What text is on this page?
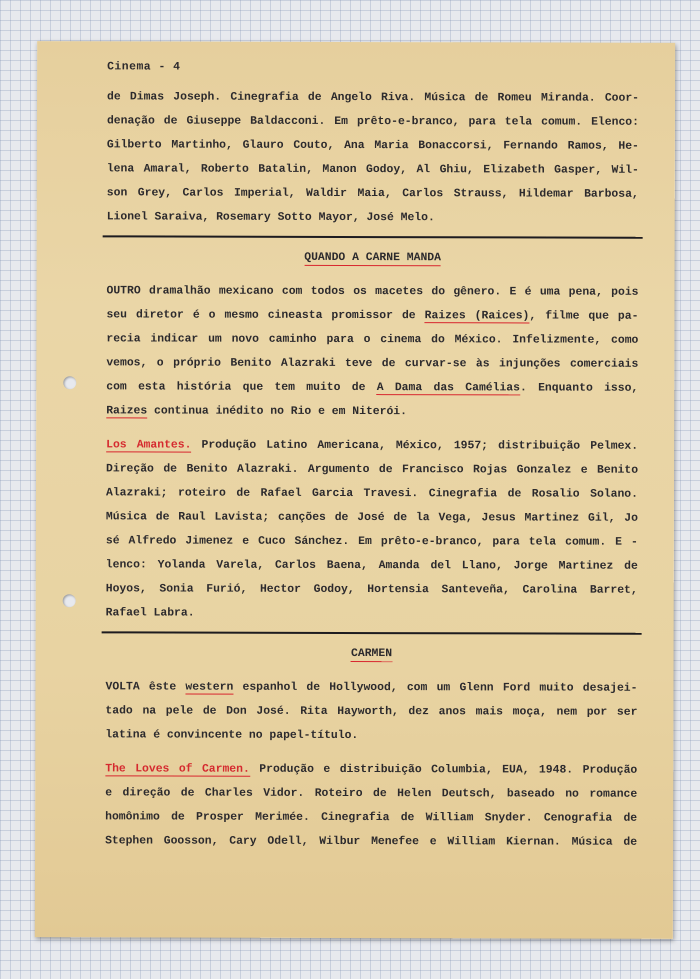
Cinema - 4
de Dimas Joseph. Cinegrafia de Angelo Riva. Música de Romeu Miranda. Coor-
denação de Giuseppe Baldacconi. Em prêto-e-branco, para tela comum. Elenco:
Gilberto Martinho, Glauro Couto, Ana Maria Bonaccorsi, Fernando Ramos, He-
lena Amaral, Roberto Batalin, Manon Godoy, Al Ghiu, Elizabeth Gasper, Wil-
son Grey, Carlos Imperial, Waldir Maia, Carlos Strauss, Hildemar Barbosa,
Lionel Saraiva, Rosemary Sotto Mayor, José Melo.
QUANDO A CARNE MANDA
OUTRO dramalhão mexicano com todos os macetes do gênero. E é uma pena, pois
seu diretor é o mesmo cineasta promissor de Raizes (Raices), filme que pa-
recia indicar um novo caminho para o cinema do México. Infelizmente, como
vemos, o próprio Benito Alazraki teve de curvar-se às injunções comerciais
com esta história que tem muito de A Dama das Camélias. Enquanto isso,
Raizes continua inédito no Rio e em Niterói.
Los Amantes. Produção Latino Americana, México, 1957; distribuição Pelmex.
Direção de Benito Alazraki. Argumento de Francisco Rojas Gonzalez e Benito
Alazraki; roteiro de Rafael Garcia Travesi. Cinegrafia de Rosalio Solano.
Música de Raul Lavista; canções de José de la Vega, Jesus Martinez Gil, Jo
sé Alfredo Jimenez e Cuco Sánchez. Em prêto-e-branco, para tela comum. E -
lenco: Yolanda Varela, Carlos Baena, Amanda del Llano, Jorge Martinez de
Hoyos, Sonia Furió, Hector Godoy, Hortensia Santeveña, Carolina Barret,
Rafael Labra.
CARMEN
VOLTA êste western espanhol de Hollywood, com um Glenn Ford muito desajei-
tado na pele de Don José. Rita Hayworth, dez anos mais moça, nem por ser
latina é convincente no papel-título.
The Loves of Carmen. Produção e distribuição Columbia, EUA, 1948. Produção
e direção de Charles Vidor. Roteiro de Helen Deutsch, baseado no romance
homônimo de Prosper Merimée. Cinegrafia de William Snyder. Cenografia de
Stephen Goosson, Cary Odell, Wilbur Menefee e William Kiernan. Música de
